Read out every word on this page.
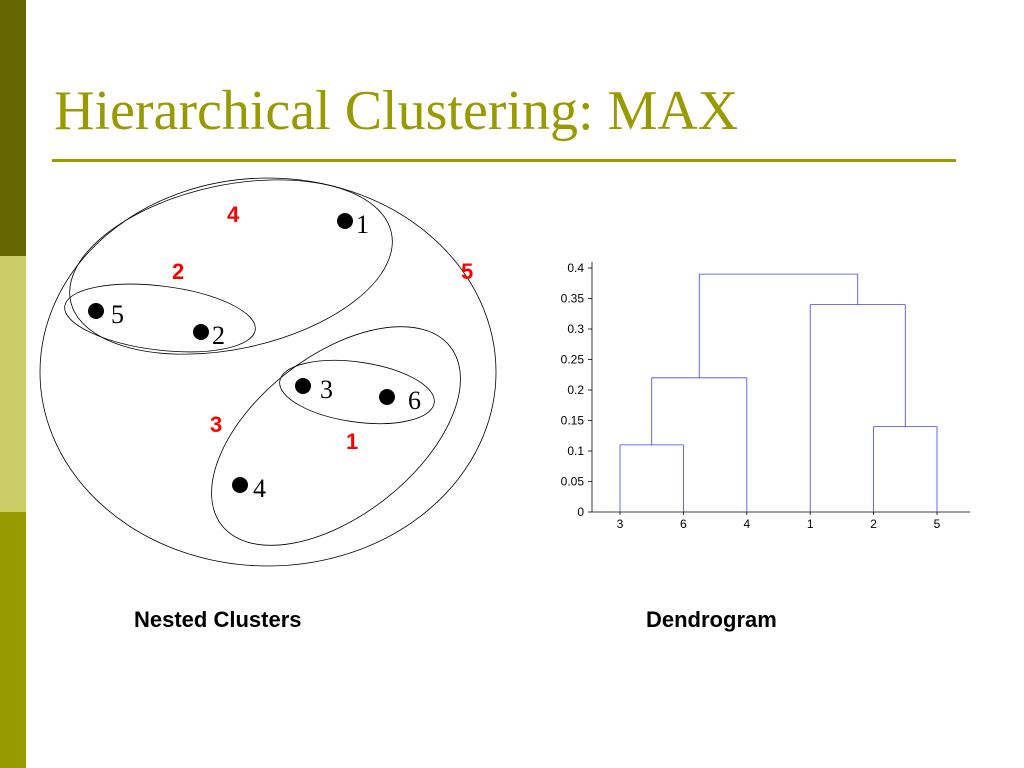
Hierarchical Clustering: MAX
1
5
2
3	6
4
4
2	5
3
1
0
0.05
0.1
0.15
0.2
0.25
0.3
0.35
0.4
3	6	4	1	2	5
Nested Clusters	Dendrogram
